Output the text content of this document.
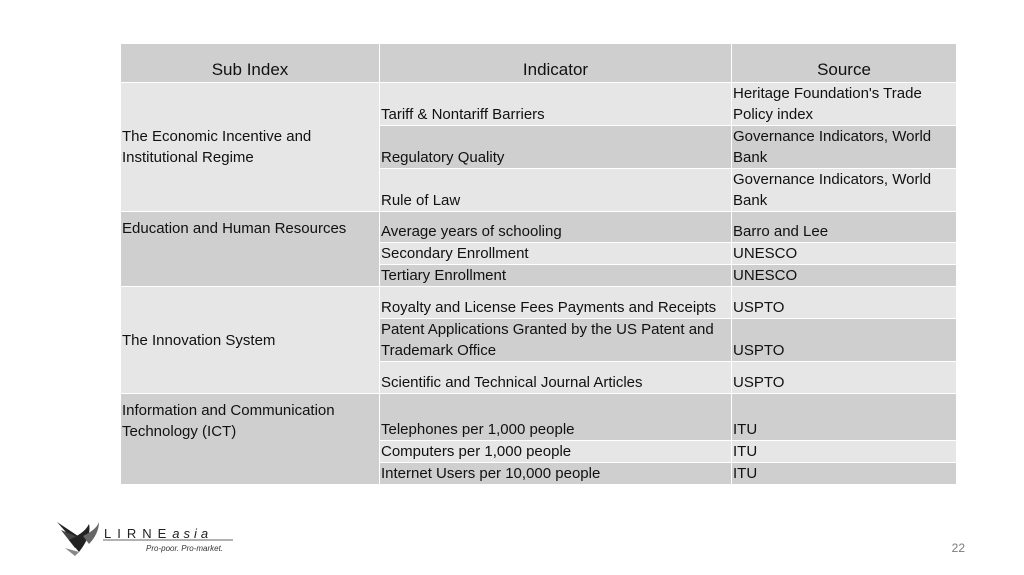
Sub Index	Indicator	Source
The Economic Incentive and Institutional Regime	Tariff & Nontariff Barriers	Heritage Foundation's Trade Policy index
	Regulatory Quality	Governance Indicators, World Bank
	Rule of Law	Governance Indicators, World Bank
Education and Human Resources	Average years of schooling	Barro and Lee
	Secondary Enrollment	UNESCO
	Tertiary Enrollment	UNESCO
The Innovation System	Royalty and License Fees Payments and Receipts	USPTO
	Patent Applications Granted by the US Patent and Trademark Office	USPTO
	Scientific and Technical Journal Articles	USPTO
Information and Communication Technology (ICT)	Telephones per 1,000 people	ITU
	Computers per 1,000 people	ITU
	Internet Users per 10,000 people	ITU
LIRNEasia
Pro-poor. Pro-market.	22
